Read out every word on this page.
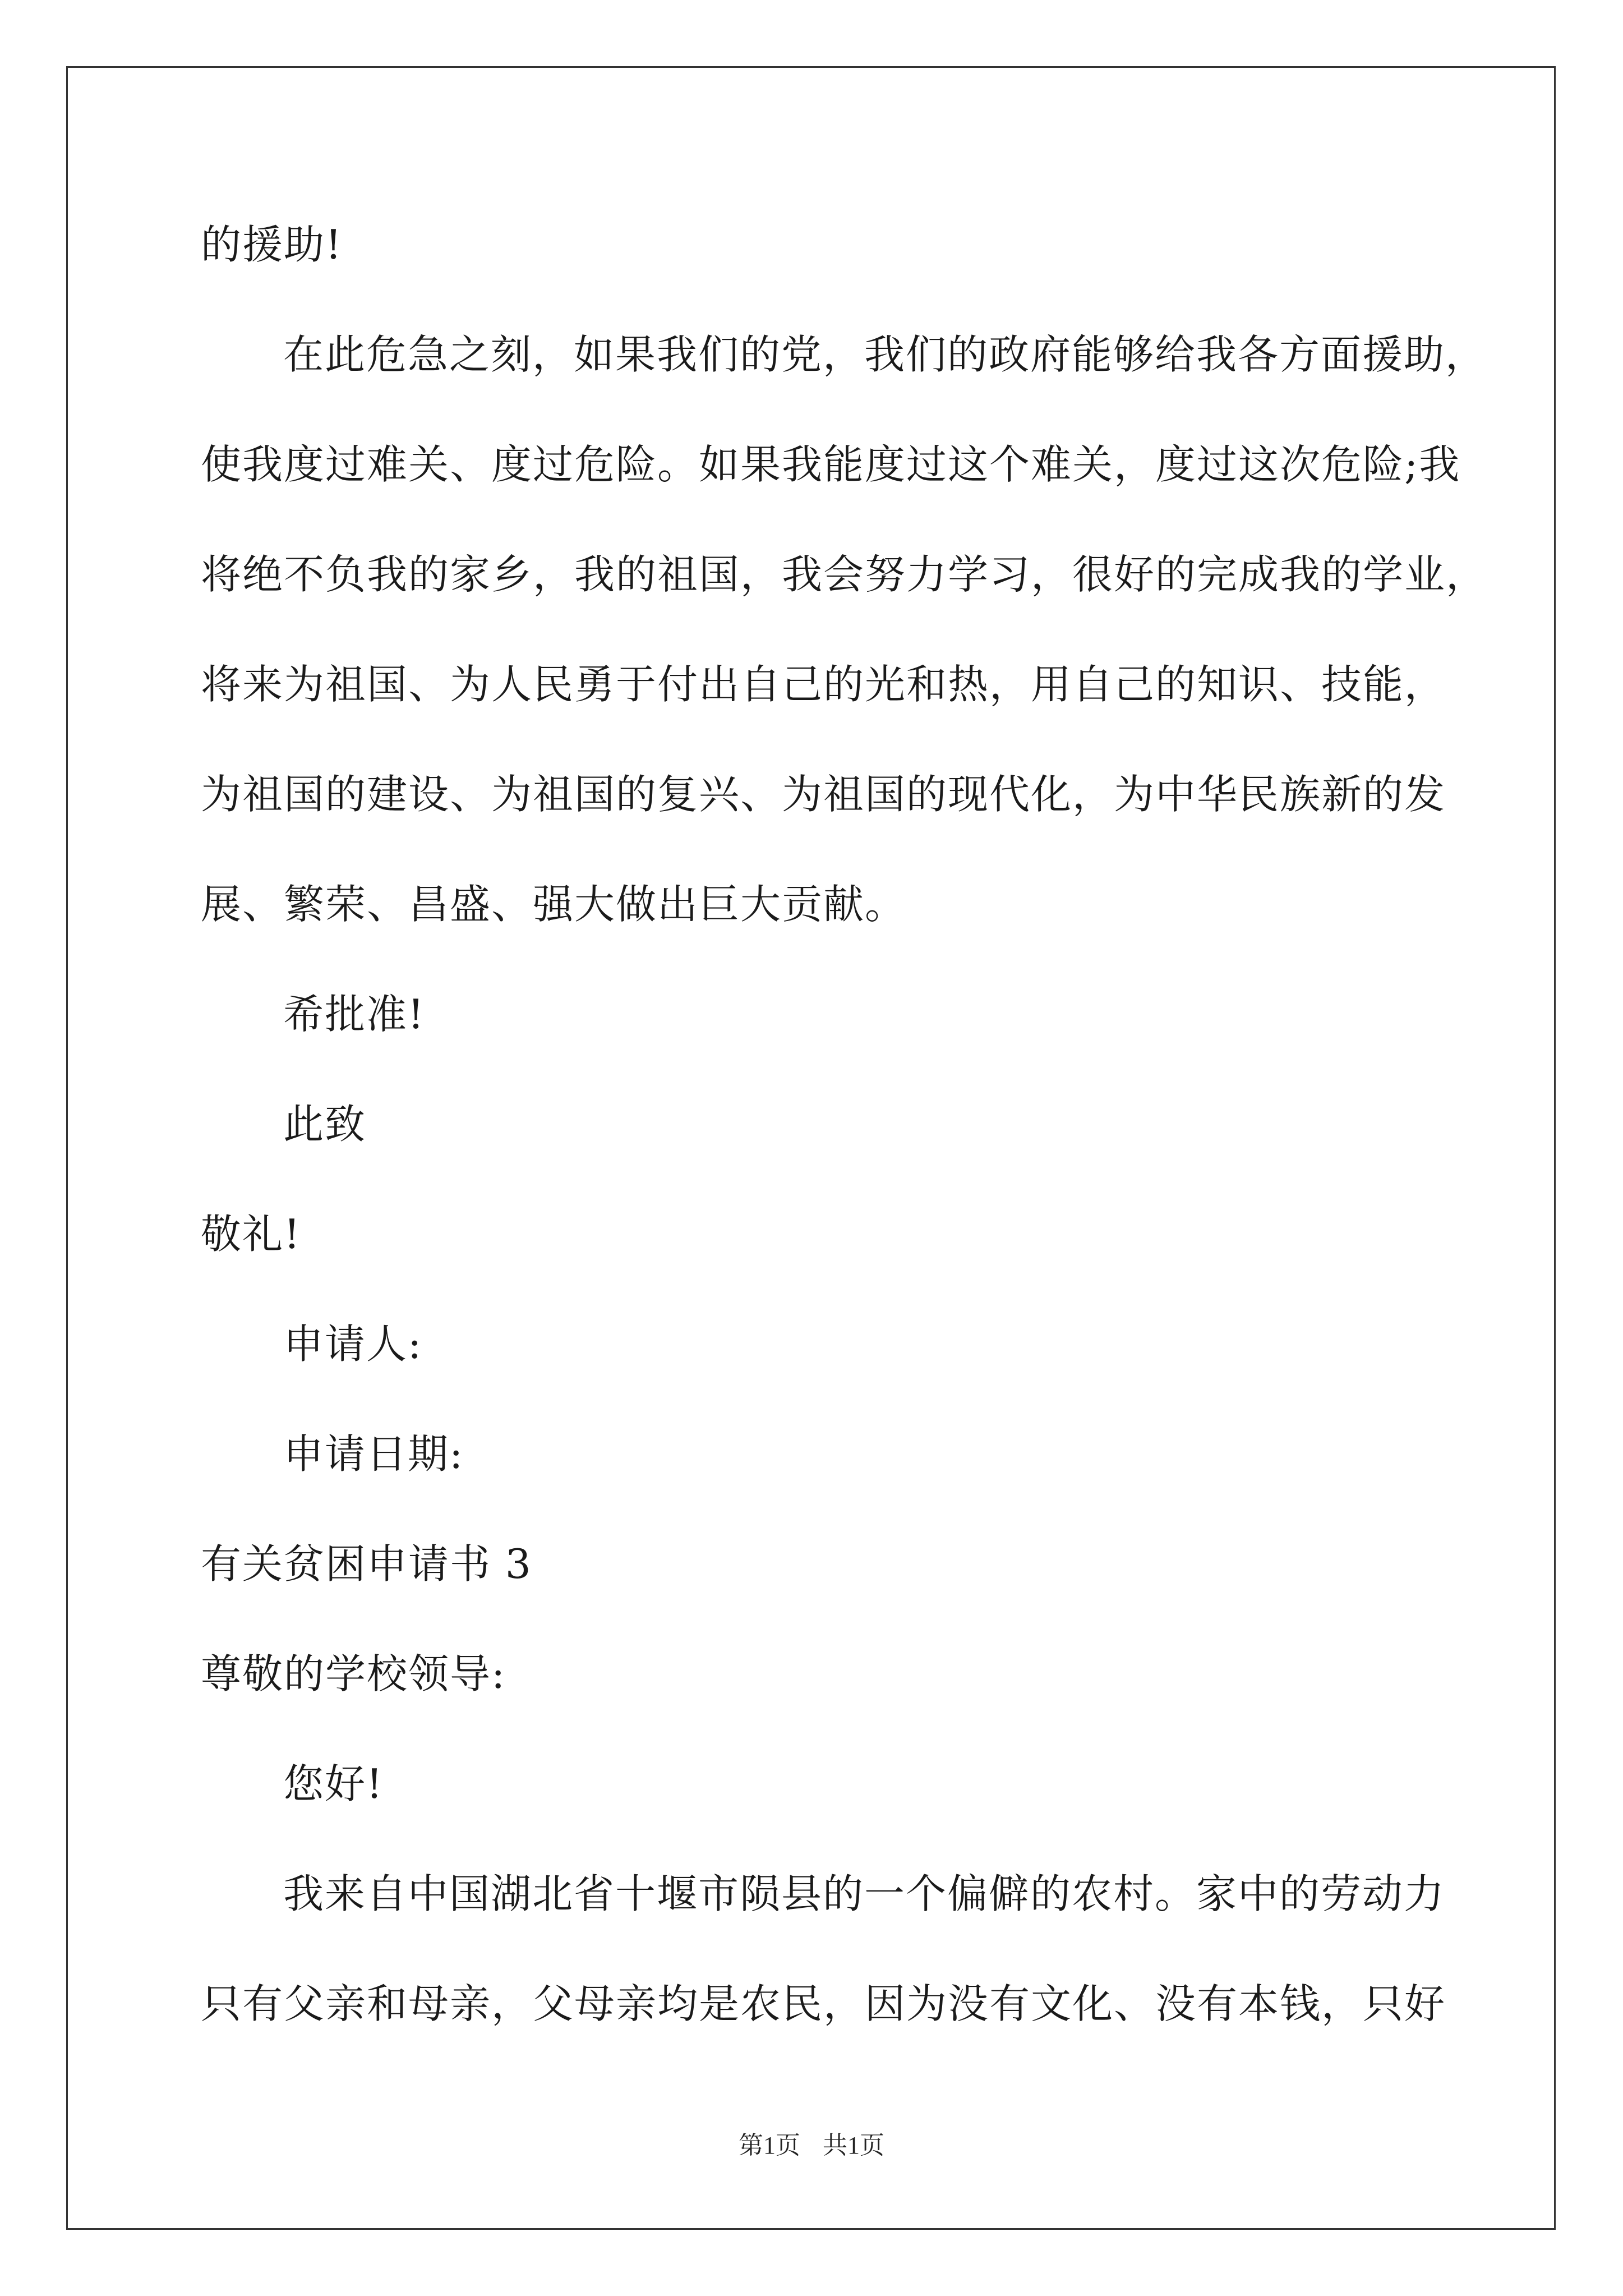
的援助!

在此危急之刻，如果我们的党，我们的政府能够给我各方面援助，

使我度过难关、度过危险。如果我能度过这个难关，度过这次危险;我

将绝不负我的家乡，我的祖国，我会努力学习，很好的完成我的学业，

将来为祖国、为人民勇于付出自己的光和热，用自己的知识、技能，

为祖国的建设、为祖国的复兴、为祖国的现代化，为中华民族新的发

展、繁荣、昌盛、强大做出巨大贡献。

希批准!

此致

敬礼!

申请人:

申请日期:

有关贫困申请书 3

尊敬的学校领导:

您好!

我来自中国湖北省十堰市陨县的一个偏僻的农村。家中的劳动力

只有父亲和母亲，父母亲均是农民，因为没有文化、没有本钱，只好

第1页 共1页
